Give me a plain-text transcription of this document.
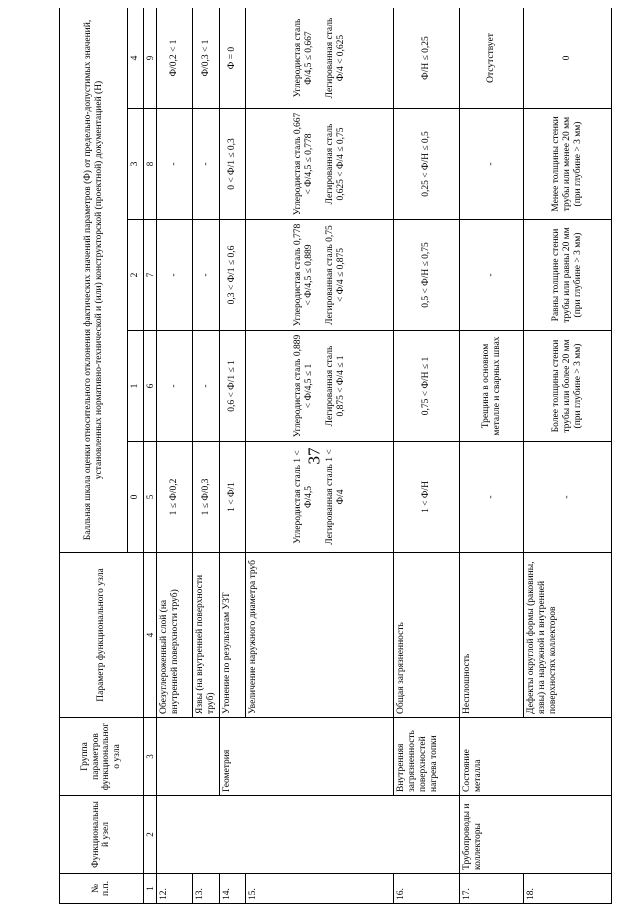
37
№ п.п.	Функциональный узел	Группа параметров функционального узла	Параметр функционального узла	Балльная шкала оценки относительного отклонения фактических значений параметров (Ф) от предельно-допустимых значений, установленных нормативно-технической и (или) конструкторской (проектной) документацией (Н)				
				0	1	2	3	4
1	2	3	4	5	6	7	8	9
12.			Обезуглероженный слой (на внутренней поверхности труб)	1 ≤ Ф/0,2	-	-	-	Ф/0,2 < 1
13.			Язвы (на внутренней поверхности труб)	1 ≤ Ф/0,3	-	-	-	Ф/0,3 < 1
14.		Геометрия	Утонение по результатам УЗТ	1 < Ф/1	0,6 < Ф/1 ≤ 1	0,3 < Ф/1 ≤ 0,6	0 < Ф/1 ≤ 0,3	Ф = 0
15.			Увеличение наружного диаметра труб	Углеродистая сталь 1 < Ф/4,5 Легированная сталь 1 < Ф/4	Углеродистая сталь 0,889 < Ф/4,5 ≤ 1 Легированная сталь 0,875 < Ф/4 ≤ 1	Углеродистая сталь 0,778 < Ф/4,5 ≤ 0,889 Легированная сталь 0,75 < Ф/4 ≤ 0,875	Углеродистая сталь 0,667 < Ф/4,5 ≤ 0,778 Легированная сталь 0,625 < Ф/4 ≤ 0,75	Углеродистая сталь Ф/4,5 ≤ 0,667 Легированная сталь Ф/4 < 0,625

16.		Внутренняя загрязненность поверхностей нагрева топки	Общая загрязненность	1 < Ф/Н	0,75 < Ф/Н ≤ 1	0,5 < Ф/Н ≤ 0,75	0,25 < Ф/Н ≤ 0,5	Ф/Н ≤ 0,25
17.	Трубопроводы и коллекторы	Состояние металла	Несплошность	-	Трещина в основном металле и сварных швах	-	-	Отсутствует
18.			Дефекты округлой формы (раковины, язвы) на наружной и внутренней поверхностях коллекторов	-	Более толщины стенки трубы или более 20 мм (при глубине > 3 мм)	Равны толщине стенки трубы или равны 20 мм (при глубине > 3 мм)	Менее толщины стенки трубы или менее 20 мм (при глубине > 3 мм)	0
